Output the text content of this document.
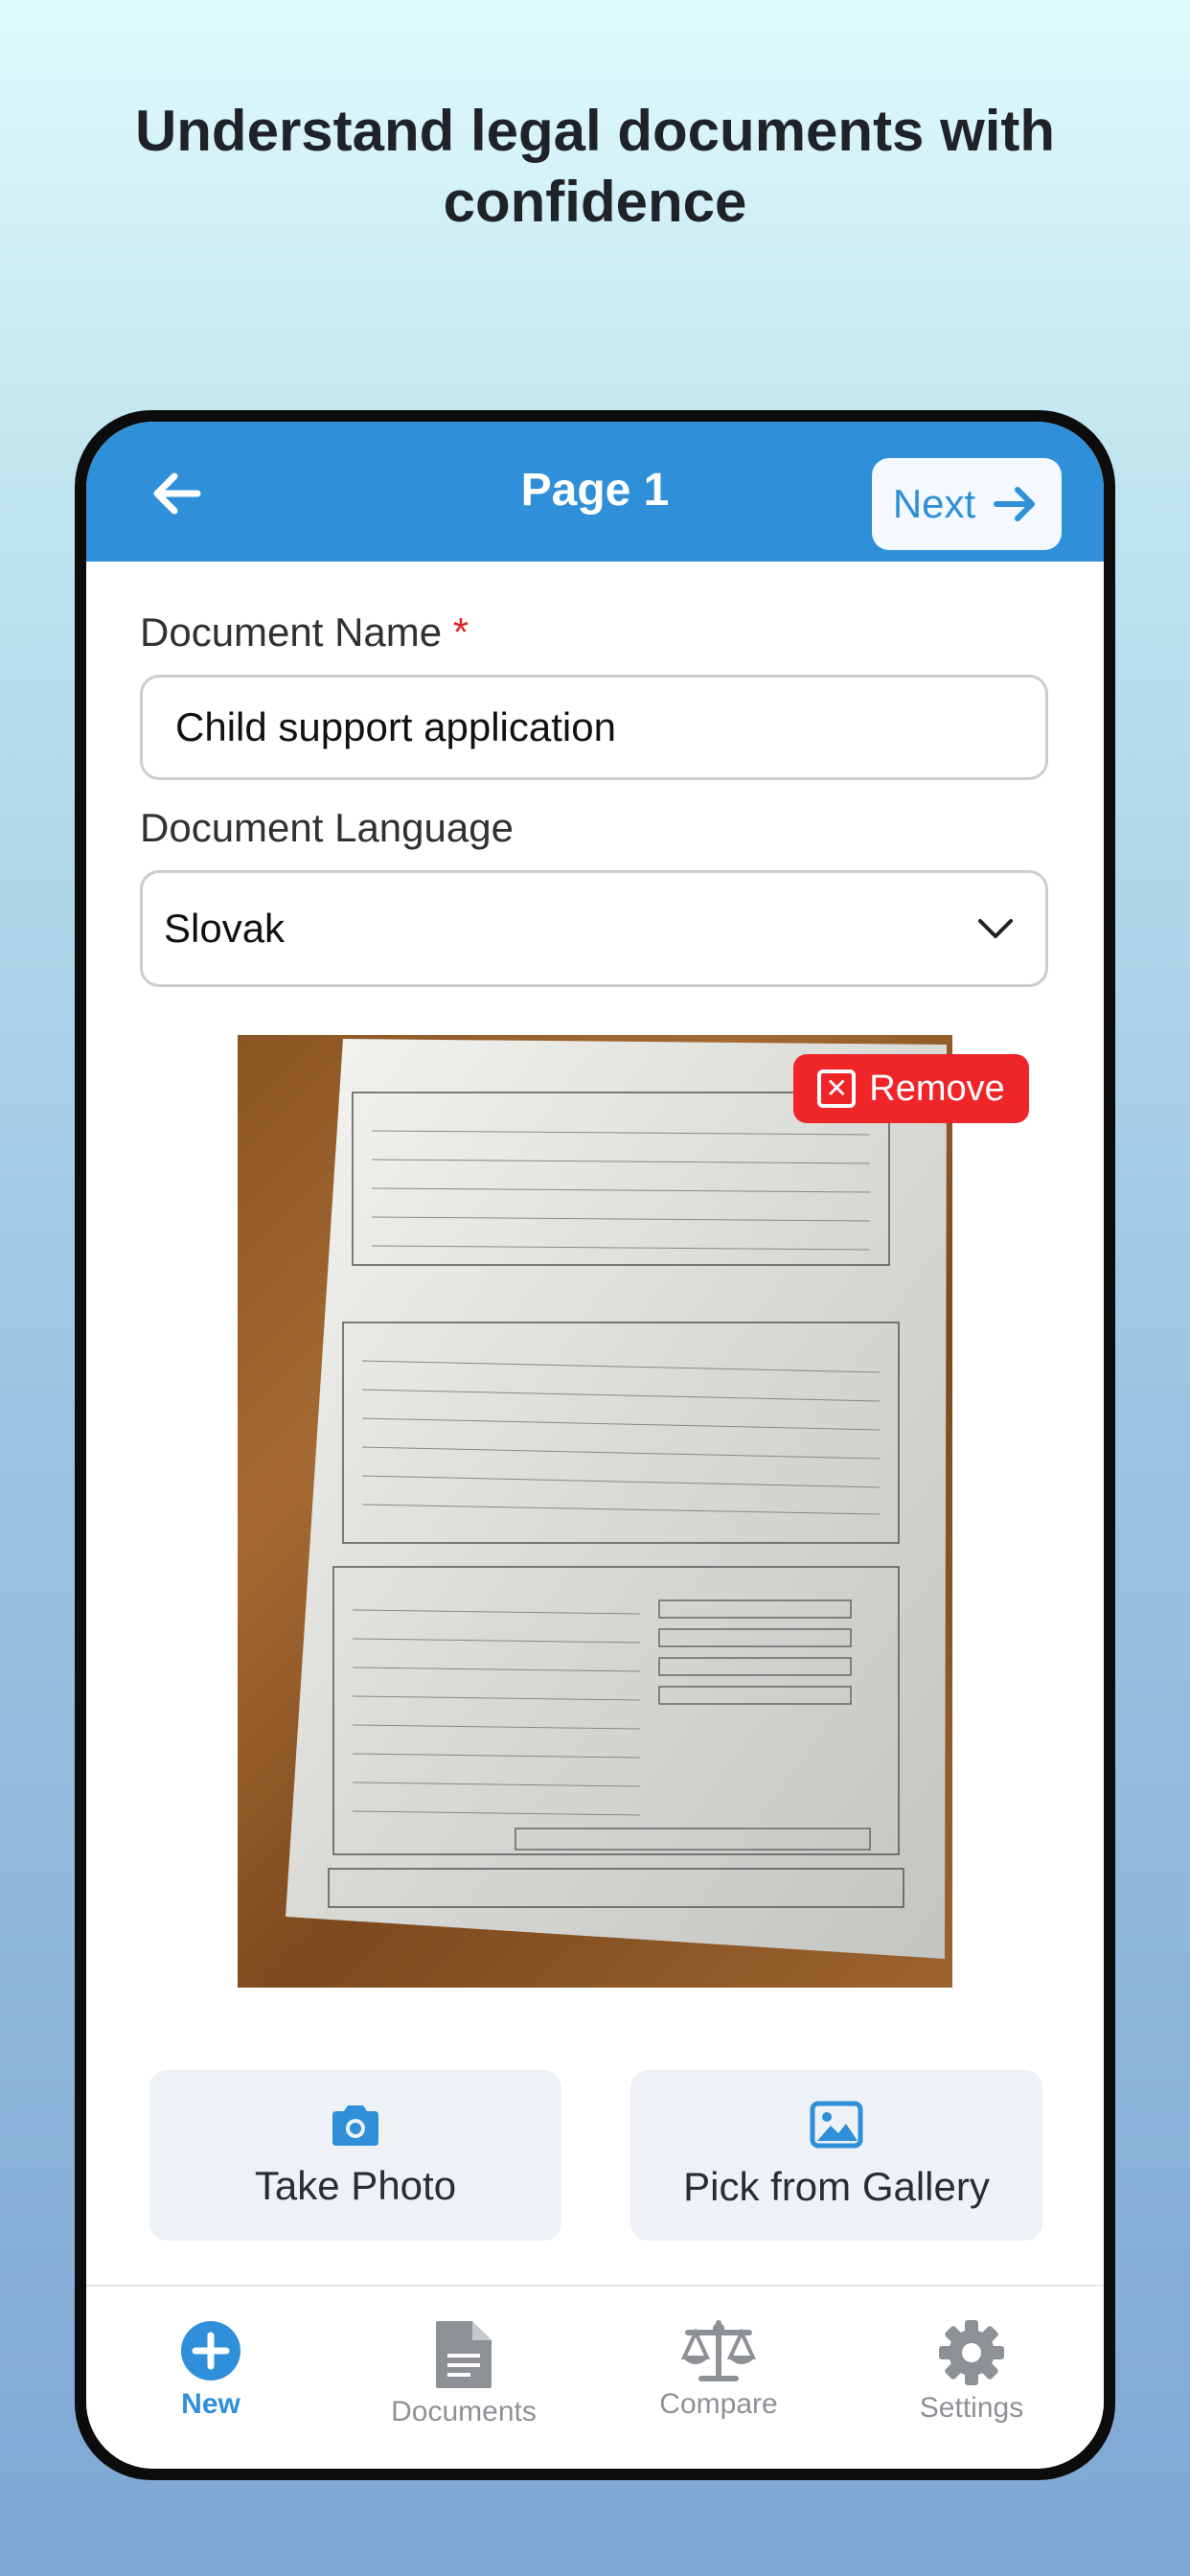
Understand legal documents with
confidence
Page 1	Next
Document Name *
Child support application
Document Language
Slovak
✕ Remove
Take Photo	Pick from Gallery
New	Documents	Compare	Settings
